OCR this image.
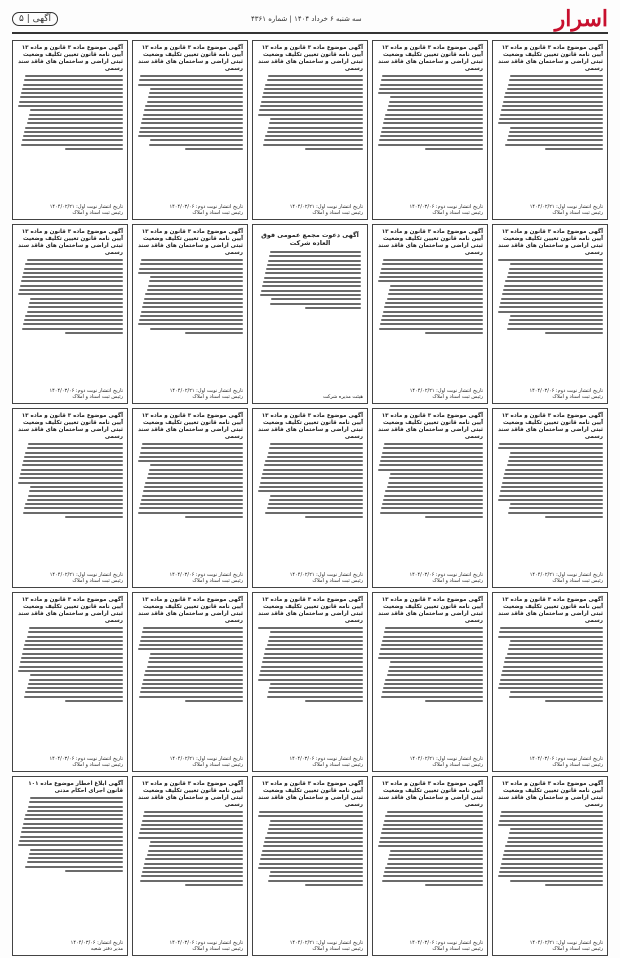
اسرار
سه شنبه ۶ خرداد ۱۴۰۴ | شماره ۴۳۶۱
آگهی | ۵
آگهی موضوع ماده ۳ قانون و ماده ۱۳ آیین نامه قانون تعیین تکلیف وضعیت ثبتی اراضی و ساختمان های فاقد سند رسمی
تاریخ انتشار نوبت اول: ۱۴۰۴/۰۲/۲۱
رئیس ثبت اسناد و املاک
آگهی موضوع ماده ۳ قانون و ماده ۱۳ آیین نامه قانون تعیین تکلیف وضعیت ثبتی اراضی و ساختمان های فاقد سند رسمی
تاریخ انتشار نوبت دوم: ۱۴۰۴/۰۳/۰۶
رئیس ثبت اسناد و املاک
آگهی موضوع ماده ۳ قانون و ماده ۱۳ آیین نامه قانون تعیین تکلیف وضعیت ثبتی اراضی و ساختمان های فاقد سند رسمی
تاریخ انتشار نوبت اول: ۱۴۰۴/۰۲/۲۱
رئیس ثبت اسناد و املاک
آگهی موضوع ماده ۳ قانون و ماده ۱۳ آیین نامه قانون تعیین تکلیف وضعیت ثبتی اراضی و ساختمان های فاقد سند رسمی
تاریخ انتشار نوبت دوم: ۱۴۰۴/۰۳/۰۶
رئیس ثبت اسناد و املاک
آگهی موضوع ماده ۳ قانون و ماده ۱۳ آیین نامه قانون تعیین تکلیف وضعیت ثبتی اراضی و ساختمان های فاقد سند رسمی
تاریخ انتشار نوبت اول: ۱۴۰۴/۰۲/۲۱
رئیس ثبت اسناد و املاک
آگهی موضوع ماده ۳ قانون و ماده ۱۳ آیین نامه قانون تعیین تکلیف وضعیت ثبتی اراضی و ساختمان های فاقد سند رسمی
تاریخ انتشار نوبت دوم: ۱۴۰۴/۰۳/۰۶
رئیس ثبت اسناد و املاک
آگهی موضوع ماده ۳ قانون و ماده ۱۳ آیین نامه قانون تعیین تکلیف وضعیت ثبتی اراضی و ساختمان های فاقد سند رسمی
تاریخ انتشار نوبت اول: ۱۴۰۴/۰۲/۲۱
رئیس ثبت اسناد و املاک
آگهی دعوت مجمع عمومی فوق العاده شرکت
هیئت مدیره شرکت
آگهی موضوع ماده ۳ قانون و ماده ۱۳ آیین نامه قانون تعیین تکلیف وضعیت ثبتی اراضی و ساختمان های فاقد سند رسمی
تاریخ انتشار نوبت اول: ۱۴۰۴/۰۲/۲۱
رئیس ثبت اسناد و املاک
آگهی موضوع ماده ۳ قانون و ماده ۱۳ آیین نامه قانون تعیین تکلیف وضعیت ثبتی اراضی و ساختمان های فاقد سند رسمی
تاریخ انتشار نوبت دوم: ۱۴۰۴/۰۳/۰۶
رئیس ثبت اسناد و املاک
آگهی موضوع ماده ۳ قانون و ماده ۱۳ آیین نامه قانون تعیین تکلیف وضعیت ثبتی اراضی و ساختمان های فاقد سند رسمی
تاریخ انتشار نوبت اول: ۱۴۰۴/۰۲/۲۱
رئیس ثبت اسناد و املاک
آگهی موضوع ماده ۳ قانون و ماده ۱۳ آیین نامه قانون تعیین تکلیف وضعیت ثبتی اراضی و ساختمان های فاقد سند رسمی
تاریخ انتشار نوبت دوم: ۱۴۰۴/۰۳/۰۶
رئیس ثبت اسناد و املاک
آگهی موضوع ماده ۳ قانون و ماده ۱۳ آیین نامه قانون تعیین تکلیف وضعیت ثبتی اراضی و ساختمان های فاقد سند رسمی
تاریخ انتشار نوبت اول: ۱۴۰۴/۰۲/۲۱
رئیس ثبت اسناد و املاک
آگهی موضوع ماده ۳ قانون و ماده ۱۳ آیین نامه قانون تعیین تکلیف وضعیت ثبتی اراضی و ساختمان های فاقد سند رسمی
تاریخ انتشار نوبت دوم: ۱۴۰۴/۰۳/۰۶
رئیس ثبت اسناد و املاک
آگهی موضوع ماده ۳ قانون و ماده ۱۳ آیین نامه قانون تعیین تکلیف وضعیت ثبتی اراضی و ساختمان های فاقد سند رسمی
تاریخ انتشار نوبت اول: ۱۴۰۴/۰۲/۲۱
رئیس ثبت اسناد و املاک
آگهی موضوع ماده ۳ قانون و ماده ۱۳ آیین نامه قانون تعیین تکلیف وضعیت ثبتی اراضی و ساختمان های فاقد سند رسمی
تاریخ انتشار نوبت دوم: ۱۴۰۴/۰۳/۰۶
رئیس ثبت اسناد و املاک
آگهی موضوع ماده ۳ قانون و ماده ۱۳ آیین نامه قانون تعیین تکلیف وضعیت ثبتی اراضی و ساختمان های فاقد سند رسمی
تاریخ انتشار نوبت اول: ۱۴۰۴/۰۲/۲۱
رئیس ثبت اسناد و املاک
آگهی موضوع ماده ۳ قانون و ماده ۱۳ آیین نامه قانون تعیین تکلیف وضعیت ثبتی اراضی و ساختمان های فاقد سند رسمی
تاریخ انتشار نوبت دوم: ۱۴۰۴/۰۳/۰۶
رئیس ثبت اسناد و املاک
آگهی موضوع ماده ۳ قانون و ماده ۱۳ آیین نامه قانون تعیین تکلیف وضعیت ثبتی اراضی و ساختمان های فاقد سند رسمی
تاریخ انتشار نوبت اول: ۱۴۰۴/۰۲/۲۱
رئیس ثبت اسناد و املاک
آگهی موضوع ماده ۳ قانون و ماده ۱۳ آیین نامه قانون تعیین تکلیف وضعیت ثبتی اراضی و ساختمان های فاقد سند رسمی
تاریخ انتشار نوبت دوم: ۱۴۰۴/۰۳/۰۶
رئیس ثبت اسناد و املاک
آگهی موضوع ماده ۳ قانون و ماده ۱۳ آیین نامه قانون تعیین تکلیف وضعیت ثبتی اراضی و ساختمان های فاقد سند رسمی
تاریخ انتشار نوبت اول: ۱۴۰۴/۰۲/۲۱
رئیس ثبت اسناد و املاک
آگهی موضوع ماده ۳ قانون و ماده ۱۳ آیین نامه قانون تعیین تکلیف وضعیت ثبتی اراضی و ساختمان های فاقد سند رسمی
تاریخ انتشار نوبت دوم: ۱۴۰۴/۰۳/۰۶
رئیس ثبت اسناد و املاک
آگهی موضوع ماده ۳ قانون و ماده ۱۳ آیین نامه قانون تعیین تکلیف وضعیت ثبتی اراضی و ساختمان های فاقد سند رسمی
تاریخ انتشار نوبت اول: ۱۴۰۴/۰۲/۲۱
رئیس ثبت اسناد و املاک
آگهی موضوع ماده ۳ قانون و ماده ۱۳ آیین نامه قانون تعیین تکلیف وضعیت ثبتی اراضی و ساختمان های فاقد سند رسمی
تاریخ انتشار نوبت دوم: ۱۴۰۴/۰۳/۰۶
رئیس ثبت اسناد و املاک
آگهی ابلاغ اخطار موضوع ماده ۱۰۱ قانون اجرای احکام مدنی
تاریخ انتشار: ۱۴۰۴/۰۳/۰۶
مدیر دفتر شعبه
